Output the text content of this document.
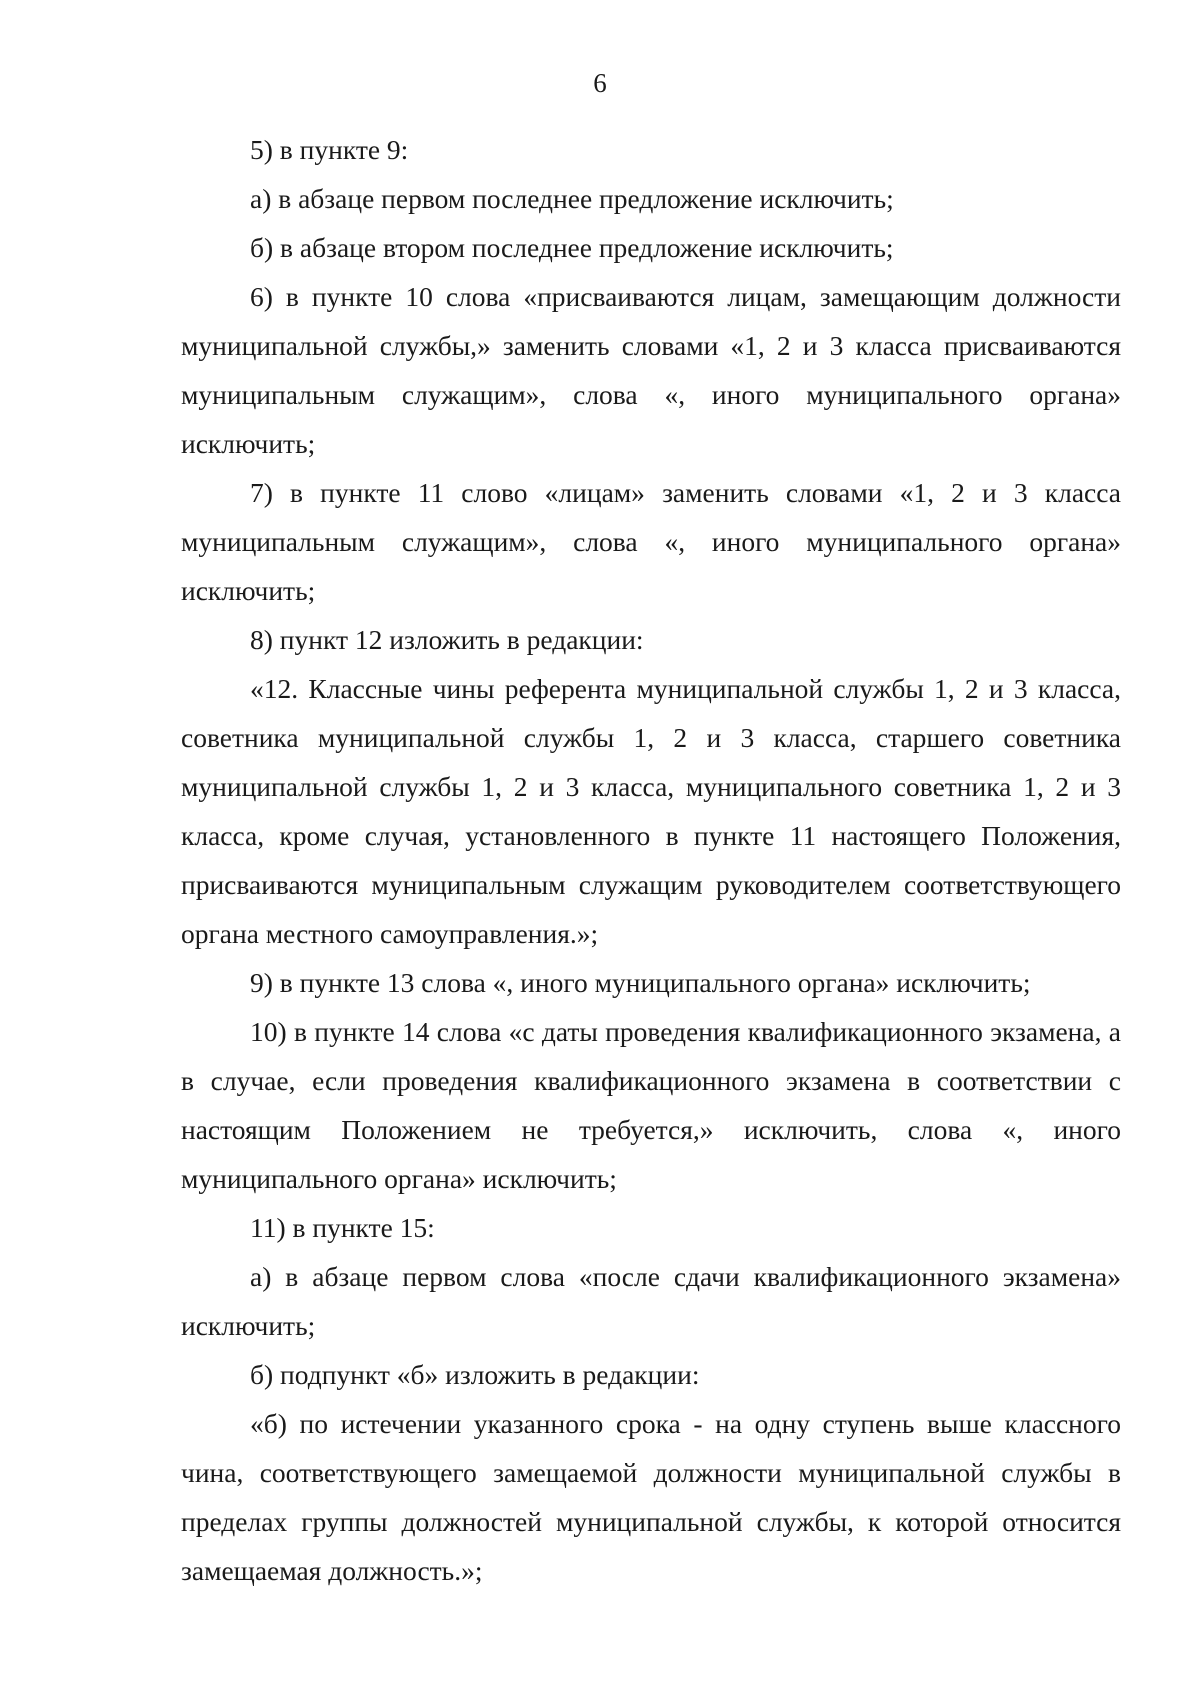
6

5) в пункте 9:

а) в абзаце первом последнее предложение исключить;

б) в абзаце втором последнее предложение исключить;

6) в пункте 10 слова «присваиваются лицам, замещающим должности муниципальной службы,» заменить словами «1, 2 и 3 класса присваиваются муниципальным служащим», слова «, иного муниципального органа» исключить;

7) в пункте 11 слово «лицам» заменить словами «1, 2 и 3 класса муниципальным служащим», слова «, иного муниципального органа» исключить;

8) пункт 12 изложить в редакции:

«12. Классные чины референта муниципальной службы 1, 2 и 3 класса, советника муниципальной службы 1, 2 и 3 класса, старшего советника муниципальной службы 1, 2 и 3 класса, муниципального советника 1, 2 и 3 класса, кроме случая, установленного в пункте 11 настоящего Положения, присваиваются муниципальным служащим руководителем соответствующего органа местного самоуправления.»;

9) в пункте 13 слова «, иного муниципального органа» исключить;

10) в пункте 14 слова «с даты проведения квалификационного экзамена, а в случае, если проведения квалификационного экзамена в соответствии с настоящим Положением не требуется,» исключить, слова «, иного муниципального органа» исключить;

11) в пункте 15:

а) в абзаце первом слова «после сдачи квалификационного экзамена» исключить;

б) подпункт «б» изложить в редакции:

«б) по истечении указанного срока - на одну ступень выше классного чина, соответствующего замещаемой должности муниципальной службы в пределах группы должностей муниципальной службы, к которой относится замещаемая должность.»;
